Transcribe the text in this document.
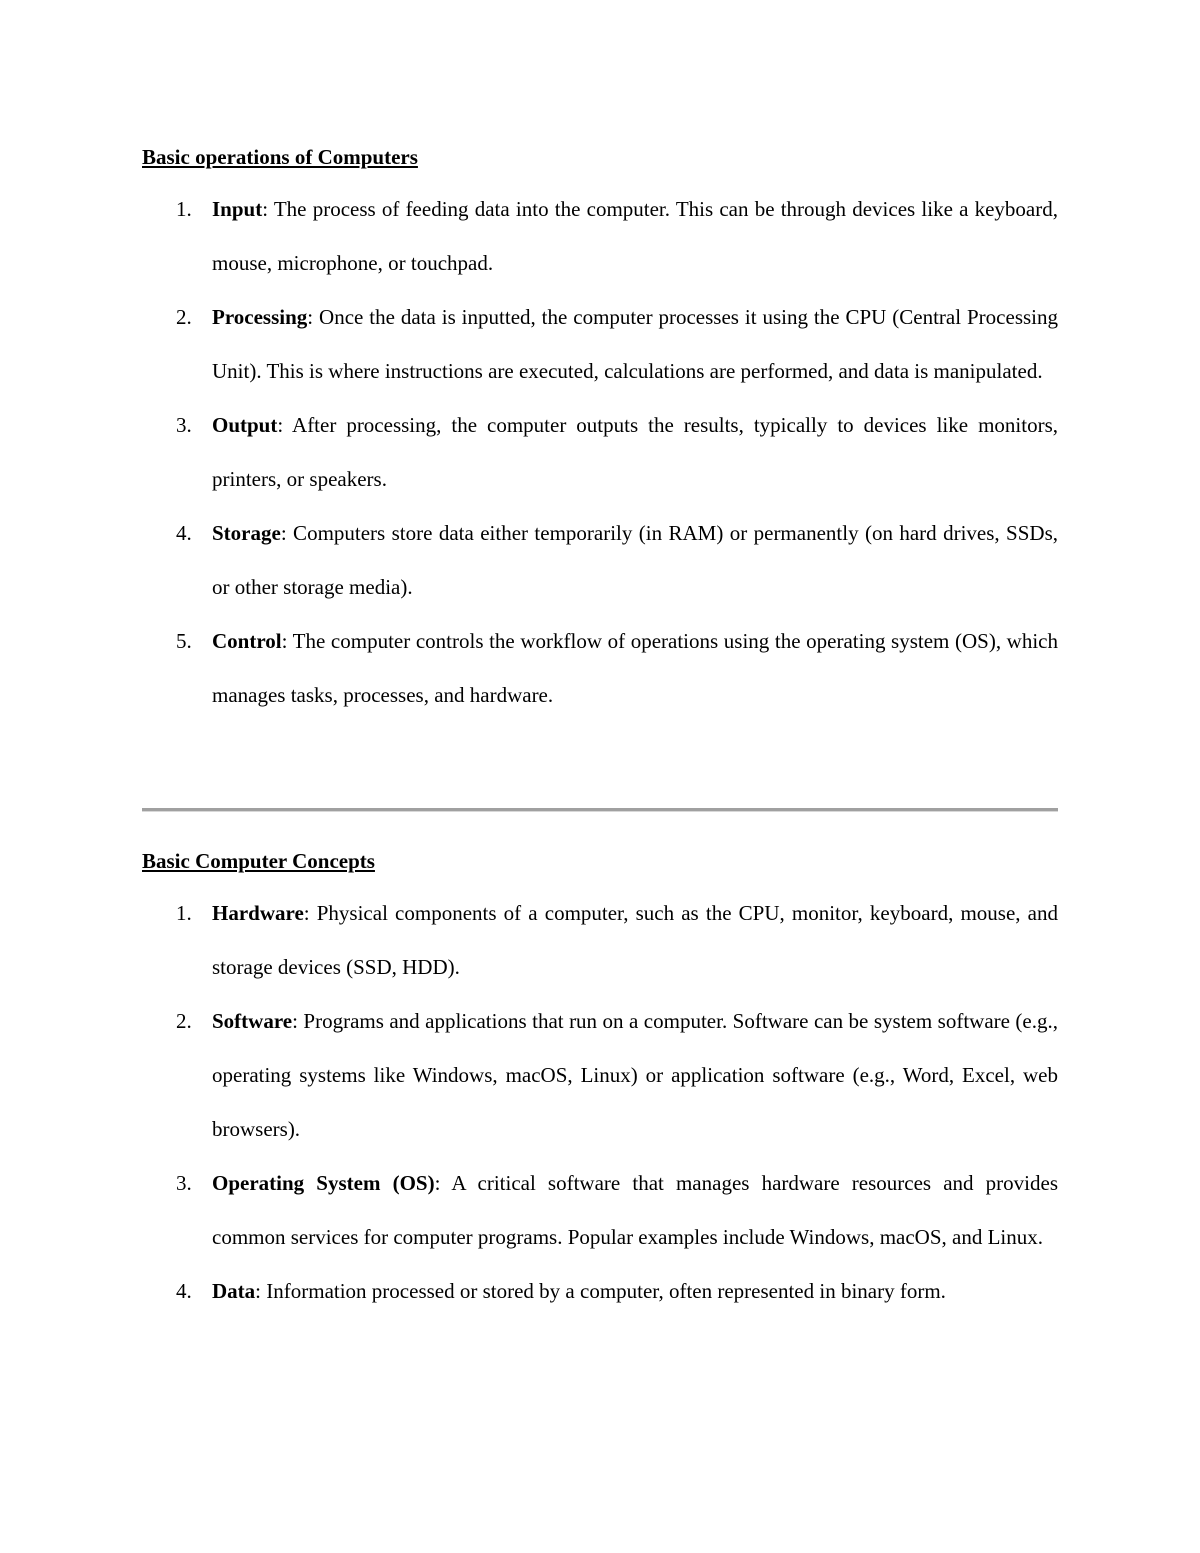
Basic operations of Computers

1. Input: The process of feeding data into the computer. This can be through devices like a keyboard, mouse, microphone, or touchpad.
2. Processing: Once the data is inputted, the computer processes it using the CPU (Central Processing Unit). This is where instructions are executed, calculations are performed, and data is manipulated.
3. Output: After processing, the computer outputs the results, typically to devices like monitors, printers, or speakers.
4. Storage: Computers store data either temporarily (in RAM) or permanently (on hard drives, SSDs, or other storage media).
5. Control: The computer controls the workflow of operations using the operating system (OS), which manages tasks, processes, and hardware.

Basic Computer Concepts

1. Hardware: Physical components of a computer, such as the CPU, monitor, keyboard, mouse, and storage devices (SSD, HDD).
2. Software: Programs and applications that run on a computer. Software can be system software (e.g., operating systems like Windows, macOS, Linux) or application software (e.g., Word, Excel, web browsers).
3. Operating System (OS): A critical software that manages hardware resources and provides common services for computer programs. Popular examples include Windows, macOS, and Linux.
4. Data: Information processed or stored by a computer, often represented in binary form.
